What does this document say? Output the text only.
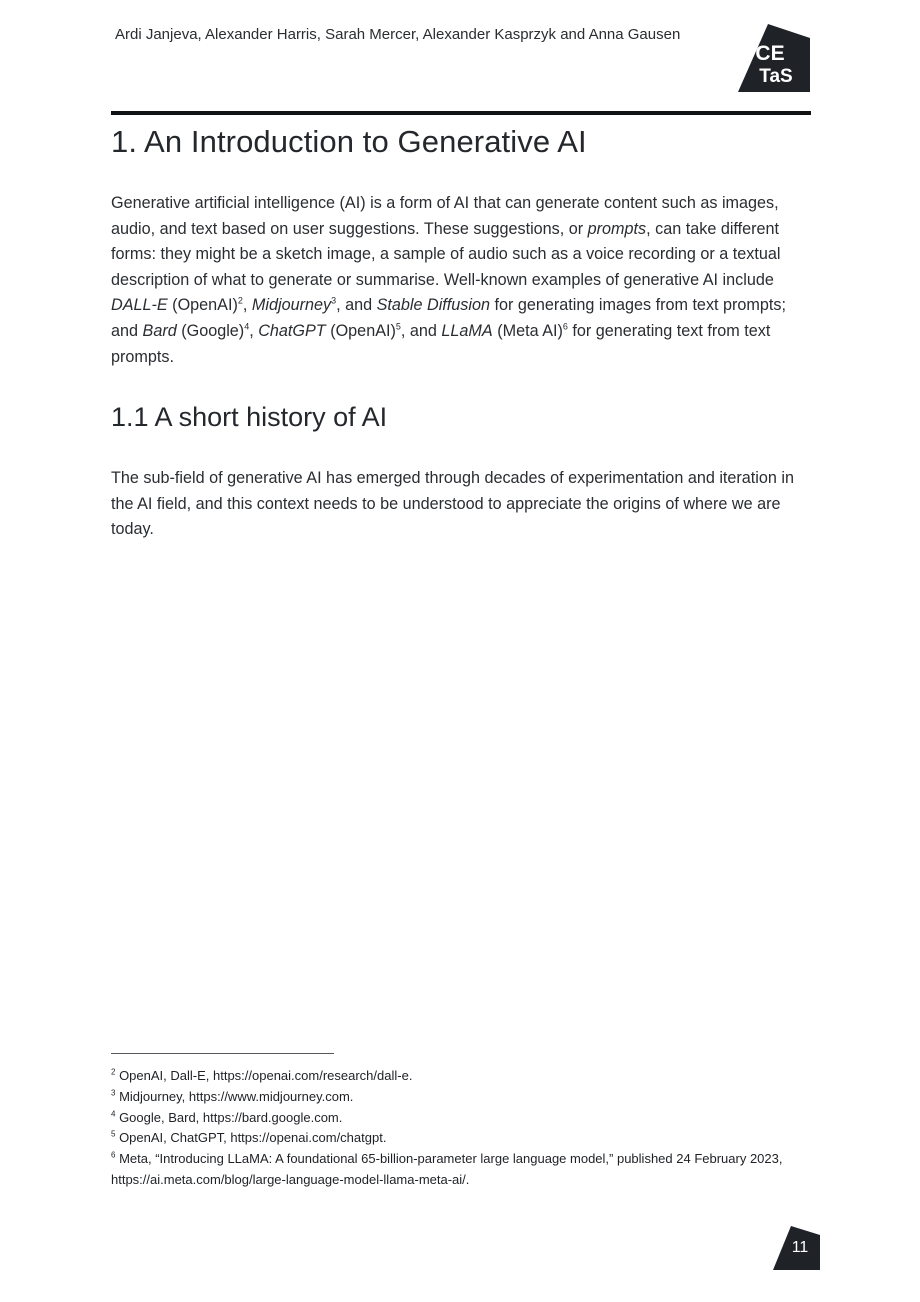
Ardi Janjeva, Alexander Harris, Sarah Mercer, Alexander Kasprzyk and Anna Gausen
CE
TaS
1. An Introduction to Generative AI

Generative artificial intelligence (AI) is a form of AI that can generate content such as images, audio, and text based on user suggestions. These suggestions, or prompts, can take different forms: they might be a sketch image, a sample of audio such as a voice recording or a textual description of what to generate or summarise. Well-known examples of generative AI include DALL-E (OpenAI)$^2$, Midjourney$^3$, and Stable Diffusion for generating images from text prompts; and Bard (Google)$^4$, ChatGPT (OpenAI)$^5$, and LLaMA (Meta AI)$^6$ for generating text from text prompts.

1.1 A short history of AI

The sub-field of generative AI has emerged through decades of experimentation and iteration in the AI field, and this context needs to be understood to appreciate the origins of where we are today.

$^2$ OpenAI, Dall-E, https://openai.com/research/dall-e.

$^3$ Midjourney, https://www.midjourney.com.

$^4$ Google, Bard, https://bard.google.com.

$^5$ OpenAI, ChatGPT, https://openai.com/chatgpt.

$^6$ Meta, “Introducing LLaMA: A foundational 65-billion-parameter large language model,” published 24 February 2023, https://ai.meta.com/blog/large-language-model-llama-meta-ai/.

11
